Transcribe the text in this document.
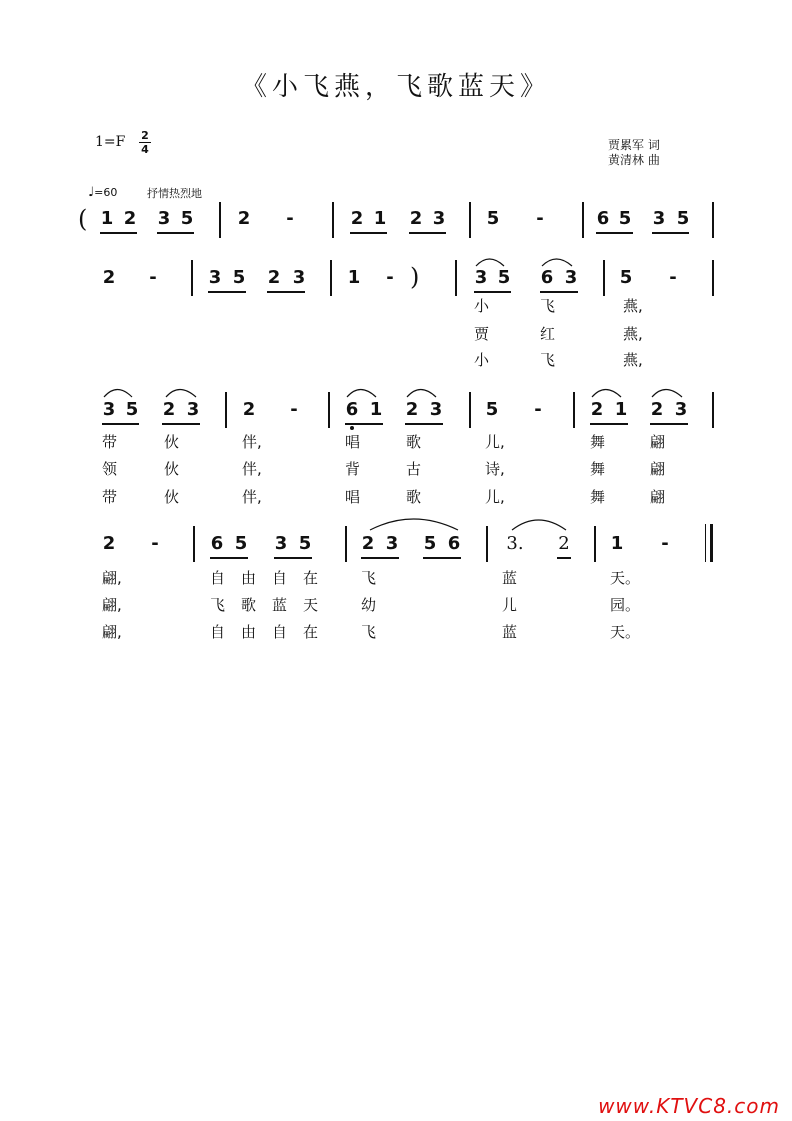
《小飞燕，飞歌蓝天》
1=F 2
4	贾累军 词
黄清林 曲
♩=60	抒情热烈地
( 1 2 3 5 2 -	2 1 2 3 5 -	6 5 3 5
2 -	3 5 2 3 1 - )	3 5 6 3 5 -
小	飞	燕,
贾	红	燕,
小	飞	燕,
3 5 2 3 2 -	6 1 2 3 5 -	2 1 2 3
带	伙	伴,	唱	歌	儿,	舞	翩
领	伙	伴,	背	古	诗,	舞	翩
带	伙	伴,	唱	歌	儿,	舞	翩
2 -	6 5 3 5	2 3 5 6	3. 2 1 -
翩,	自由自在 飞	蓝	天。
翩,	飞歌蓝天 幼	儿	园。
翩,	自由自在 飞	蓝	天。
www.KTVC8.com
